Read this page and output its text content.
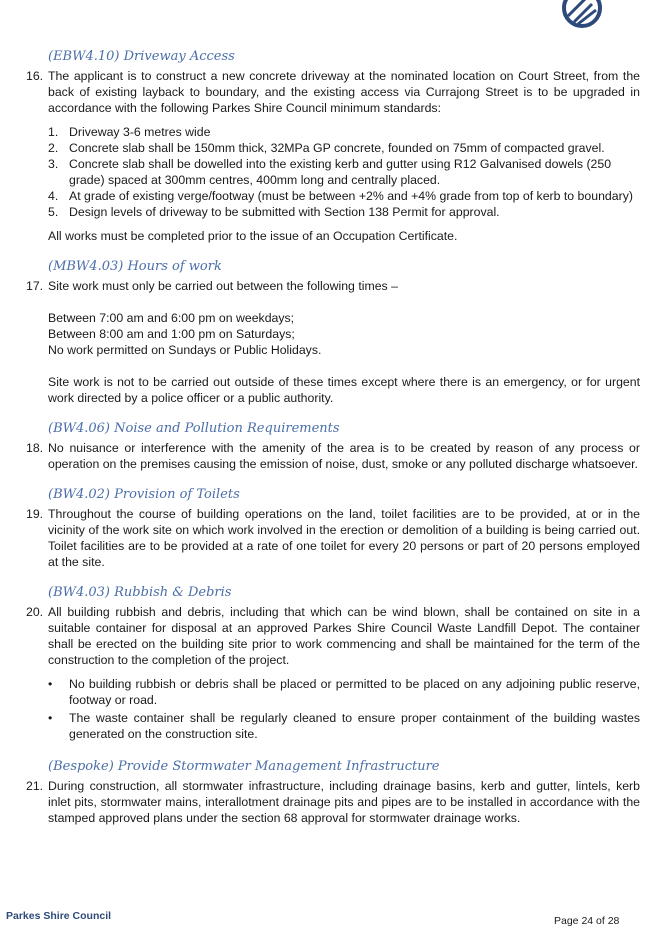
(EBW4.10) Driveway Access
16. The applicant is to construct a new concrete driveway at the nominated location on Court Street, from the back of existing layback to boundary, and the existing access via Currajong Street is to be upgraded in accordance with the following Parkes Shire Council minimum standards:
1. Driveway 3-6 metres wide
2. Concrete slab shall be 150mm thick, 32MPa GP concrete, founded on 75mm of compacted gravel.
3. Concrete slab shall be dowelled into the existing kerb and gutter using R12 Galvanised dowels (250 grade) spaced at 300mm centres, 400mm long and centrally placed.
4. At grade of existing verge/footway (must be between +2% and +4% grade from top of kerb to boundary)
5. Design levels of driveway to be submitted with Section 138 Permit for approval.
All works must be completed prior to the issue of an Occupation Certificate.
(MBW4.03) Hours of work
17. Site work must only be carried out between the following times –
Between 7:00 am and 6:00 pm on weekdays;
Between 8:00 am and 1:00 pm on Saturdays;
No work permitted on Sundays or Public Holidays.
Site work is not to be carried out outside of these times except where there is an emergency, or for urgent work directed by a police officer or a public authority.
(BW4.06) Noise and Pollution Requirements
18. No nuisance or interference with the amenity of the area is to be created by reason of any process or operation on the premises causing the emission of noise, dust, smoke or any polluted discharge whatsoever.
(BW4.02) Provision of Toilets
19. Throughout the course of building operations on the land, toilet facilities are to be provided, at or in the vicinity of the work site on which work involved in the erection or demolition of a building is being carried out. Toilet facilities are to be provided at a rate of one toilet for every 20 persons or part of 20 persons employed at the site.
(BW4.03) Rubbish & Debris
20. All building rubbish and debris, including that which can be wind blown, shall be contained on site in a suitable container for disposal at an approved Parkes Shire Council Waste Landfill Depot. The container shall be erected on the building site prior to work commencing and shall be maintained for the term of the construction to the completion of the project.
•	No building rubbish or debris shall be placed or permitted to be placed on any adjoining public reserve, footway or road.
•	The waste container shall be regularly cleaned to ensure proper containment of the building wastes generated on the construction site.
(Bespoke) Provide Stormwater Management Infrastructure
21. During construction, all stormwater infrastructure, including drainage basins, kerb and gutter, lintels, kerb inlet pits, stormwater mains, interallotment drainage pits and pipes are to be installed in accordance with the stamped approved plans under the section 68 approval for stormwater drainage works.
Parkes Shire Council	Page 24 of 28
